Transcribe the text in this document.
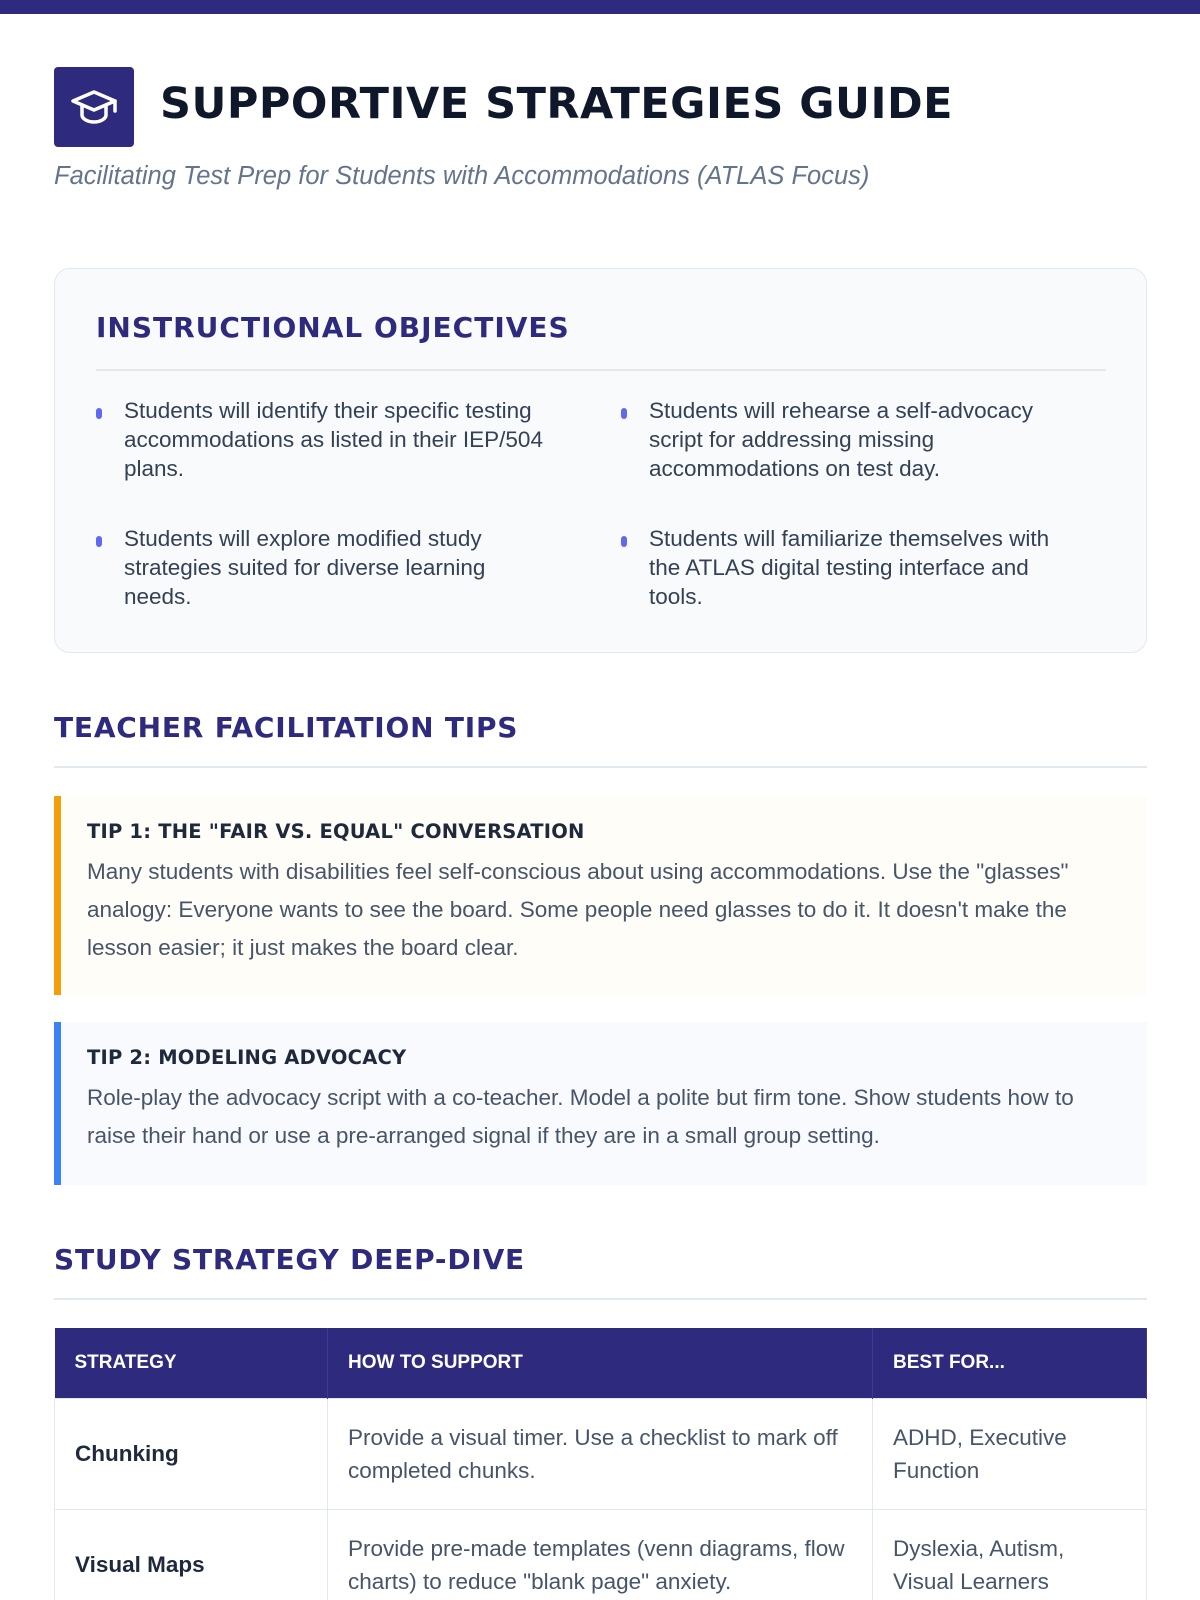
SUPPORTIVE STRATEGIES GUIDE
Facilitating Test Prep for Students with Accommodations (ATLAS Focus)
INSTRUCTIONAL OBJECTIVES
Students will identify their specific testing accommodations as listed in their IEP/504 plans.
Students will rehearse a self-advocacy script for addressing missing accommodations on test day.
Students will explore modified study strategies suited for diverse learning needs.
Students will familiarize themselves with the ATLAS digital testing interface and tools.
TEACHER FACILITATION TIPS
TIP 1: THE "FAIR VS. EQUAL" CONVERSATION
Many students with disabilities feel self-conscious about using accommodations. Use the "glasses" analogy: Everyone wants to see the board. Some people need glasses to do it. It doesn't make the lesson easier; it just makes the board clear.
TIP 2: MODELING ADVOCACY
Role-play the advocacy script with a co-teacher. Model a polite but firm tone. Show students how to raise their hand or use a pre-arranged signal if they are in a small group setting.
STUDY STRATEGY DEEP-DIVE
STRATEGY	HOW TO SUPPORT	BEST FOR...
Chunking	Provide a visual timer. Use a checklist to mark off completed chunks.	ADHD, Executive Function
Visual Maps	Provide pre-made templates (venn diagrams, flow charts) to reduce "blank page" anxiety.	Dyslexia, Autism, Visual Learners
